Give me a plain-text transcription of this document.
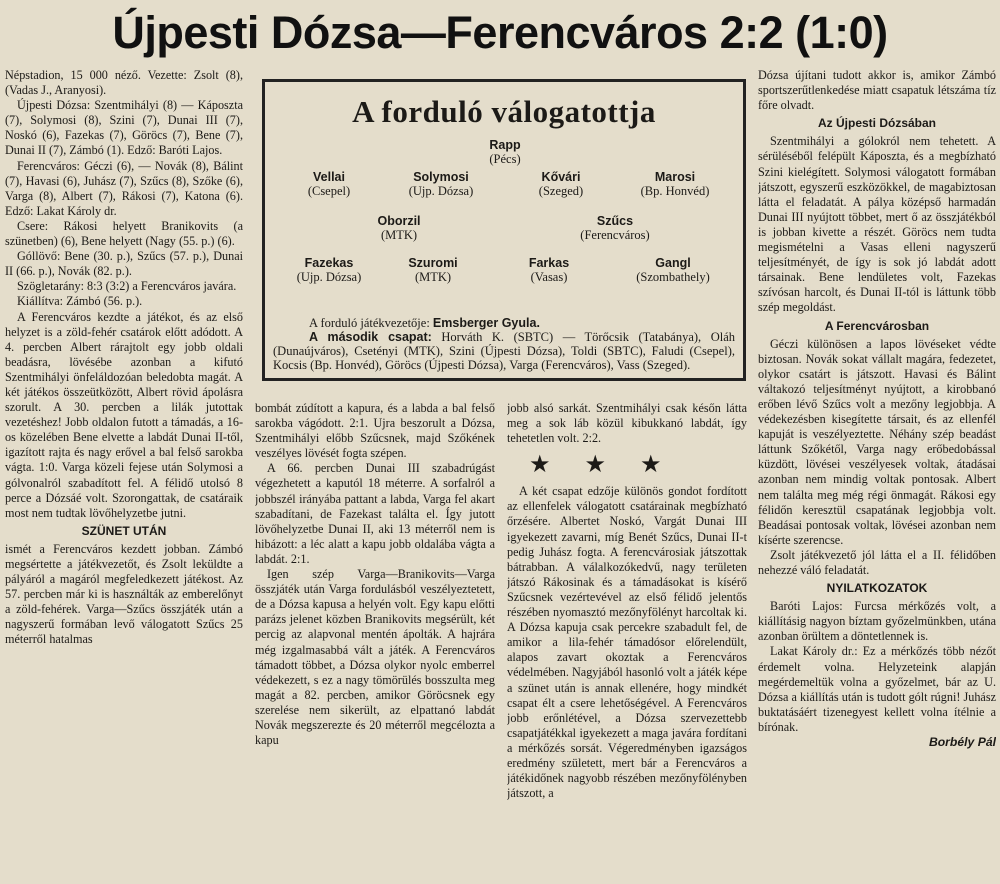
Újpesti Dózsa—Ferencváros 2:2 (1:0)

Népstadion, 15 000 néző. Vezette: Zsolt (8), (Vadas J., Aranyosi).

Újpesti Dózsa: Szentmihályi (8) — Káposzta (7), Solymosi (8), Szini (7), Dunai III (7), Noskó (6), Fazekas (7), Göröcs (7), Bene (7), Dunai II (7), Zámbó (1). Edző: Baróti Lajos.

Ferencváros: Géczi (6), — Novák (8), Bálint (7), Havasi (6), Juhász (7), Szűcs (8), Szőke (6), Varga (8), Albert (7), Rákosi (7), Katona (6). Edző: Lakat Károly dr.

Csere: Rákosi helyett Branikovits (a szünetben) (6), Bene helyett (Nagy (55. p.) (6).

Góllövő: Bene (30. p.), Szűcs (57. p.), Dunai II (66. p.), Novák (82. p.).

Szögletarány: 8:3 (3:2) a Ferencváros javára.

Kiállítva: Zámbó (56. p.).

A Ferencváros kezdte a játékot, és az első helyzet is a zöld-fehér csatárok előtt adódott. A 4. percben Albert rárajtolt egy jobb oldali beadásra, lövésébe azonban a kifutó Szentmihályi önfeláldozóan beledobta magát. A két játékos összeütközött, Albert rövid ápolásra szorult. A 30. percben a lilák jutottak vezetéshez! Jobb oldalon futott a támadás, a 16-os közelében Bene elvette a labdát Dunai II-től, igazított rajta és nagy erővel a bal felső sarokba vágta. 1:0. Varga közeli fejese után Solymosi a gólvonalról szabadított fel. A félidő utolsó 8 percе a Dózsáé volt. Szorongattak, de csatáraik most nem tudtak lövőhelyzetbe jutni.

SZÜNET UTÁN

ismét a Ferencváros kezdett jobban. Zámbó megsértette a játékvezetőt, és Zsolt leküldte a pályáról a magáról megfeledkezett játékost. Az 57. percben már ki is használták az emberelőnyt a zöld-fehérek. Varga—Szűcs összjáték után a nagyszerű formában levő válogatott Szűcs 25 méterről hatalmas

bombát zúdított a kapura, és a labda a bal felső sarokba vágódott. 2:1. Ujra beszorult a Dózsa, Szentmihályi előbb Szűcsnek, majd Szőkének veszélyes lövését fogta szépen.

A 66. percben Dunai III szabadrúgást végezhetett a kaputól 18 méterre. A sorfalról a jobbszél irányába pattant a labda, Varga fel akart szabadítani, de Fazekast találta el. Így jutott lövőhelyzetbe Dunai II, aki 13 méterről nem is hibázott: a léc alatt a kapu jobb oldalába vágta a labdát. 2:1.

Igen szép Varga—Branikovits—Varga összjáték után Varga fordulásból veszélyeztetett, de a Dózsa kapusa a helyén volt. Egy kapu előtti parázs jelenet közben Branikovits megsérült, két percig az alapvonal mentén ápolták. A hajrára még izgalmasabbá vált a játék. A Ferencváros támadott többet, a Dózsa olykor nyolc emberrel védekezett, s ez a nagy tömörülés bosszulta meg magát a 82. percben, amikor Göröcsnek egy szerelése nem sikerült, az elpattanó labdát Novák megszerezte és 20 méterről megcélozta a kapu

jobb alsó sarkát. Szentmihályi csak későn látta meg a sok láb közül kibukkanó labdát, így tehetetlen volt. 2:2.

★ ★ ★

A két csapat edzője különös gondot fordított az ellenfelek válogatott csatárainak megbízható őrzésére. Albertet Noskó, Vargát Dunai III igyekezett zavarni, míg Benét Szűcs, Dunai II-t pedig Juhász fogta. A ferencvárosiak játszottak bátrabban. A válalkozókedvű, nagy területen játszó Rákosinak és a támadásokat is kísérő Szűcsnek vezértevével az első félidő jelentős részében nyomasztó mezőnyfölényt harcoltak ki. A Dózsa kapuja csak percekre szabadult fel, de amikor a lila-fehér támadósor előrelendült, alapos zavart okoztak a Ferencváros védelmében. Nagyjából hasonló volt a játék képe a szünet után is annak ellenére, hogy mindkét csapat élt a csere lehetőségével. A Ferencváros jobb erőnlétével, a Dózsa szervezettebb csapatjátékkal igyekezett a maga javára fordítani a mérkőzés sorsát. Végeredményben igazságos eredmény született, mert bár a Ferencváros a játékidőnek nagyobb részében mezőnyfölényben játszott, a

Dózsa újítani tudott akkor is, amikor Zámbó sportszerűtlenkedése miatt csapatuk létszáma tíz főre olvadt.

Az Újpesti Dózsában

Szentmihályi a gólokról nem tehetett. A sérüléséből felépült Káposzta, és a megbízható Szini kielégített. Solymosi válogatott formában játszott, egyszerű eszközökkel, de magabiztosan látta el feladatát. A pálya középső harmadán Dunai III nyújtott többet, mert ő az összjátékból is jobban kivette a részét. Göröcs nem tudta megismételni a Vasas elleni nagyszerű teljesítményét, de így is sok jó labdát adott társainak. Bene lendületes volt, Fazekas szívósan harcolt, és Dunai II-tól is láttunk több szép megoldást.

A Ferencvárosban

Géczi különösen a lapos lövéseket védte biztosan. Novák sokat vállalt magára, fedezetet, olykor csatárt is játszott. Havasi és Bálint váltakozó teljesítményt nyújtott, a kirobbanó erőben lévő Szűcs volt a mezőny legjobbja. A védekezésben kisegítette társait, és az ellenfél kapuját is veszélyeztette. Néhány szép beadást láttunk Szőkétől, Varga nagy erőbedobással küzdött, lövései veszélyesek voltak, átadásai azonban nem mindig voltak pontosak. Albert nem találta meg még régi önmagát. Rákosi egy félidőn keresztül csapatának legjobbjа volt. Beadásai pontosak voltak, lövései azonban nem kísérte szerencse.

Zsolt játékvezető jól látta el a II. félidőben nehezzé váló feladatát.

NYILATKOZATOK

Baróti Lajos: Furcsa mérkőzés volt, a kiállításig nagyon bíztam győzelmünkben, utána azonban örültem a döntetlennek is.

Lakat Károly dr.: Ez a mérkőzés több nézőt érdemelt volna. Helyzeteink alapján megérdemeltük volna a győzelmet, bár az U. Dózsa a kiállítás után is tudott gólt rúgni! Juhász buktatásáért tizenegyest kellett volna ítélnie a bírónak.

Borbély Pál

A forduló válogatottja
Rapp
(Pécs)
Vellai
(Csepel)
Solymosi
(Ujp. Dózsa)
Kővári
(Szeged)
Marosi
(Bp. Honvéd)
Oborzil
(MTK)
Szűcs
(Ferencváros)
Fazekas
(Ujp. Dózsa)
Szuromi
(MTK)
Farkas
(Vasas)
Gangl
(Szombathely)
A forduló játékvezetője: Emsberger Gyula.
A második csapat: Horváth K. (SBTC) — Törőcsik (Tatabánya), Oláh (Dunaújváros), Csetényi (MTK), Szini (Újpesti Dózsa), Toldi (SBTC), Faludi (Csepel), Kocsis (Bp. Honvéd), Göröcs (Újpesti Dózsa), Varga (Ferencváros), Vass (Szeged).
